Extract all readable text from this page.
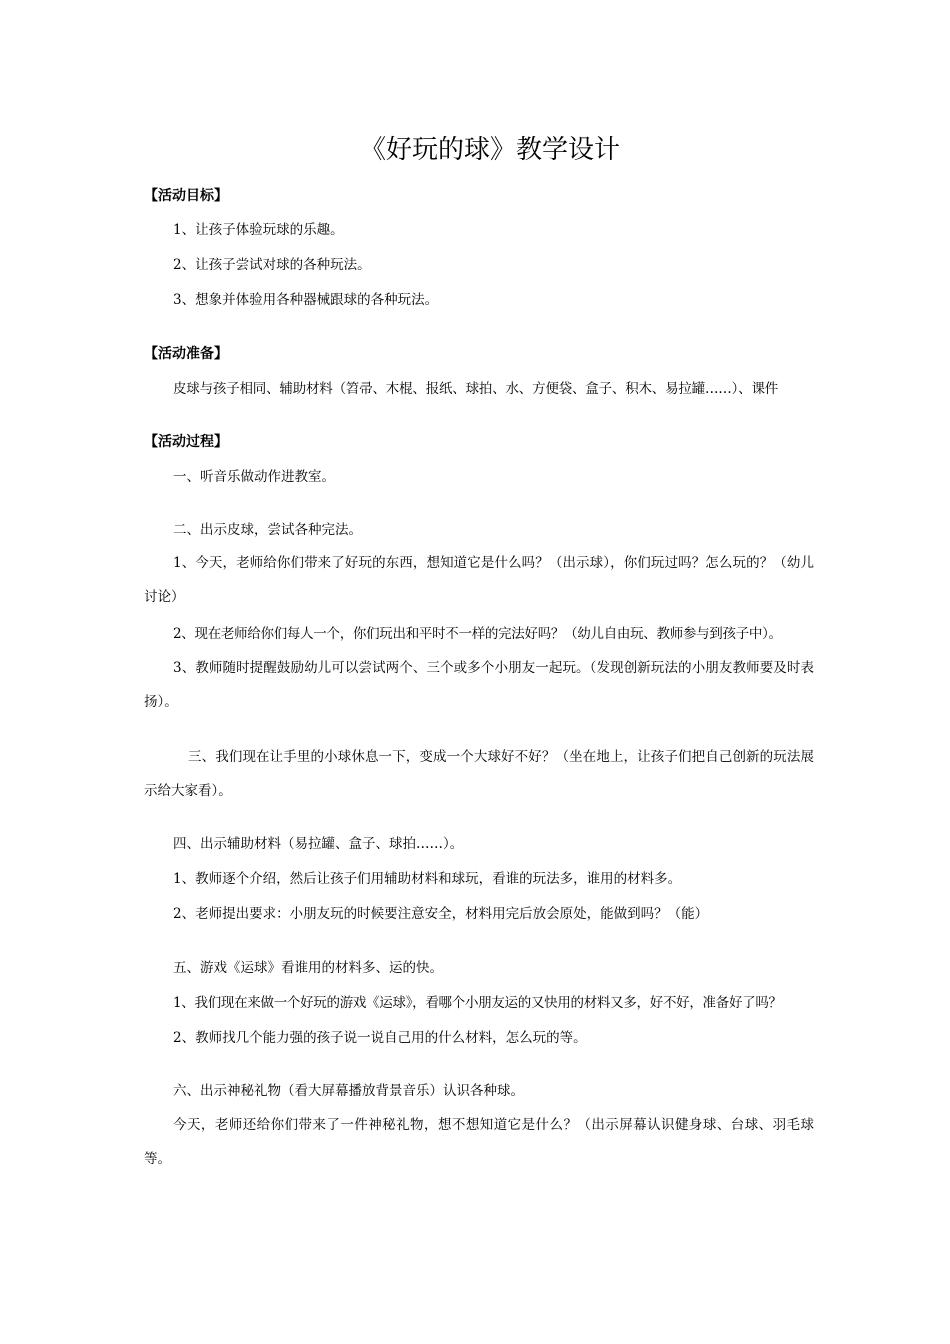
《好玩的球》教学设计
【活动目标】
1、让孩子体验玩球的乐趣。
2、让孩子尝试对球的各种玩法。
3、想象并体验用各种器械跟球的各种玩法。
【活动准备】
皮球与孩子相同、辅助材料（笤帚、木棍、报纸、球拍、水、方便袋、盒子、积木、易拉罐……）、课件
【活动过程】
一、听音乐做动作进教室。
二、出示皮球，尝试各种完法。
1、今天，老师给你们带来了好玩的东西，想知道它是什么吗？（出示球），你们玩过吗？怎么玩的？（幼儿讨论）
2、现在老师给你们每人一个，你们玩出和平时不一样的完法好吗？（幼儿自由玩、教师参与到孩子中）。
3、教师随时提醒鼓励幼儿可以尝试两个、三个或多个小朋友一起玩。（发现创新玩法的小朋友教师要及时表扬）。
三、我们现在让手里的小球休息一下，变成一个大球好不好？（坐在地上，让孩子们把自己创新的玩法展示给大家看）。
四、出示辅助材料（易拉罐、盒子、球拍……）。
1、教师逐个介绍，然后让孩子们用辅助材料和球玩，看谁的玩法多，谁用的材料多。
2、老师提出要求：小朋友玩的时候要注意安全，材料用完后放会原处，能做到吗？（能）
五、游戏《运球》看谁用的材料多、运的快。
1、我们现在来做一个好玩的游戏《运球》，看哪个小朋友运的又快用的材料又多，好不好，准备好了吗？
2、教师找几个能力强的孩子说一说自己用的什么材料，怎么玩的等。
六、出示神秘礼物（看大屏幕播放背景音乐）认识各种球。
今天，老师还给你们带来了一件神秘礼物，想不想知道它是什么？（出示屏幕认识健身球、台球、羽毛球等。
